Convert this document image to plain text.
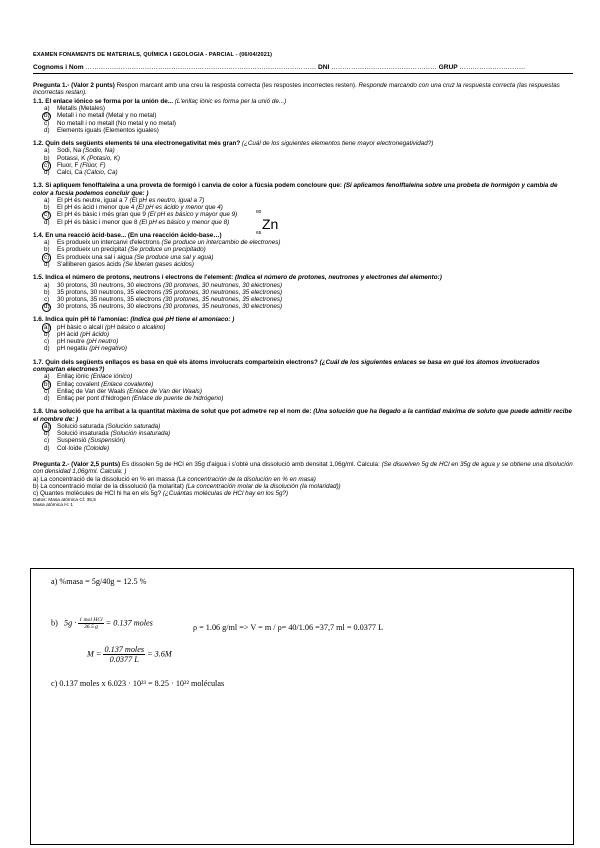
EXAMEN FONAMENTS DE MATERIALS, QUÍMICA I GEOLOGIA - PARCIAL - (06/04/2021)
Cognoms i Nom …………………………………………………………………………………………… DNI ………………………………………… GRUP …………………………
Pregunta 1.- (Valor 2 punts) Respon marcant amb una creu la resposta correcta (les respostes incorrectes resten). Responde marcando con una cruz la respuesta correcta (las respuestas incorrectas restan).
1.1. El enlace iónico se forma por la unión de... (L'enllaç iònic es forma per la unió de...)
a) Metalls (Metales)
b) Metall i no metall (Metal y no metal)
c) No metall i no metall (No metal y no metal)
d) Elements iguals (Elementos iguales)
1.2. Quin dels següents elements té una electronegativitat més gran? (¿Cuál de los siguientes elementos tiene mayor electronegatividad?)
a) Sodi, Na (Sodio, Na)
b) Potassi, K (Potasio, K)
c) Fluor, F (Flúor, F)
d) Calci, Ca (Calcio, Ca)
1.3. Si apliquem fenolftaleïna a una proveta de formigó i canvia de color a fúcsia podem concloure que: (Si aplicamos fenolftaleína sobre una probeta de hormigón y cambia de color a fucsia podemos concluir que: )
a) El pH és neutre, igual a 7 (El pH es neutro, igual a 7)
b) El pH és àcid i menor que 4 (El pH es ácido y menor que 4)
c) El pH és bàsic i més gran que 9 (El pH es básico y mayor que 9)
d) El pH és bàsic i menor que 8 (El pH es básico y menor que 8)
1.4. En una reacció àcid-base... (En una reacción ácido-base…)
a) Es produeix un intercanvi d'electrons (Se produce un intercambio de electrones)
b) Es produeix un precipitat (Se produce un precipitado)
c) Es produeix una sal i aigua (Se produce una sal y agua)
d) S'alliberen gasos àcids (Se liberan gases ácidos)
1.5. Indica el número de protons, neutrons i electrons de l'element: (Indica el número de protones, neutrones y electrones del elemento:)
a) 30 protons, 30 neutrons, 30 electrons (30 protones, 30 neutrones, 30 electrones)
b) 35 protons, 30 neutrons, 35 electrons (35 protones, 30 neutrones, 35 electrones)
c) 30 protons, 35 neutrons, 35 electrons (30 protones, 35 neutrones, 35 electrones)
d) 30 protons, 35 neutrons, 30 electrons (30 protones, 35 neutrones, 30 electrones)
1.6. Indica quin pH té l'amoníac: (Indica qué pH tiene el amoníaco: )
a) pH bàsic o alcalí (pH básico o alcalino)
b) pH àcid (pH ácido)
c) pH neutre (pH neutro)
d) pH negatiu (pH negativo)
1.7. Quin dels següents enllaços es basa en què els àtoms involucrats comparteixin electrons? (¿Cuál de los siguientes enlaces se basa en qué los átomos involucrados compartan electrones?)
a) Enllaç iònic (Enlace iónico)
b) Enllaç covalent (Enlace covalente)
c) Enllaç de Van der Waals (Enlace de Van der Waals)
d) Enllaç per pont d'hidrogen (Enlace de puente de hidrógeno)
1.8. Una solució que ha arribat a la quantitat màxima de solut que pot admetre rep el nom de: (Una solución que ha llegado a la cantidad máxima de soluto que puede admitir recibe el nombre de: )
a) Solució saturada (Solución saturada)
b) Solució insaturada (Solución insaturada)
c) Suspensió (Suspensión)
d) Col·loide (Coloide)
Pregunta 2.- (Valor 2,5 punts) Es dissolen 5g de HCl en 35g d'aigua i s'obté una dissolució amb densitat 1,06g/ml. Calcula: (Se disuelven 5g de HCl en 35g de agua y se obtiene una disolución con densidad 1,06g/ml. Calcula: )
a) La concentració de la dissolució en % en massa (La concentración de la disolución en % en masa)
b) La concentració molar de la dissolució (la molaritat) (La concentración molar de la disolución (la molaridad))
c) Quantes molècules de HCl hi ha en els 5g? (¿Cuántas moléculas de HCl hay en los 5g?)
Datos: Masa atómica Cl: 35,5
Masa atómica H: 1
80
Zn
65
a) %masa = 5g/40g = 12.5 %
b) $5g \cdot \frac{\text{1 mol HCl}}{36.5 g} = 0.137$ moles
ρ = 1.06 g/ml => V = m / ρ= 40/1.06 =37,7 ml = 0.0377 L
$M = \frac{\text{0.137 moles}}{0.0377 L} = 3.6M$
c) 0.137 moles x 6.023 · 10²³ = 8.25 · 10²² moléculas
